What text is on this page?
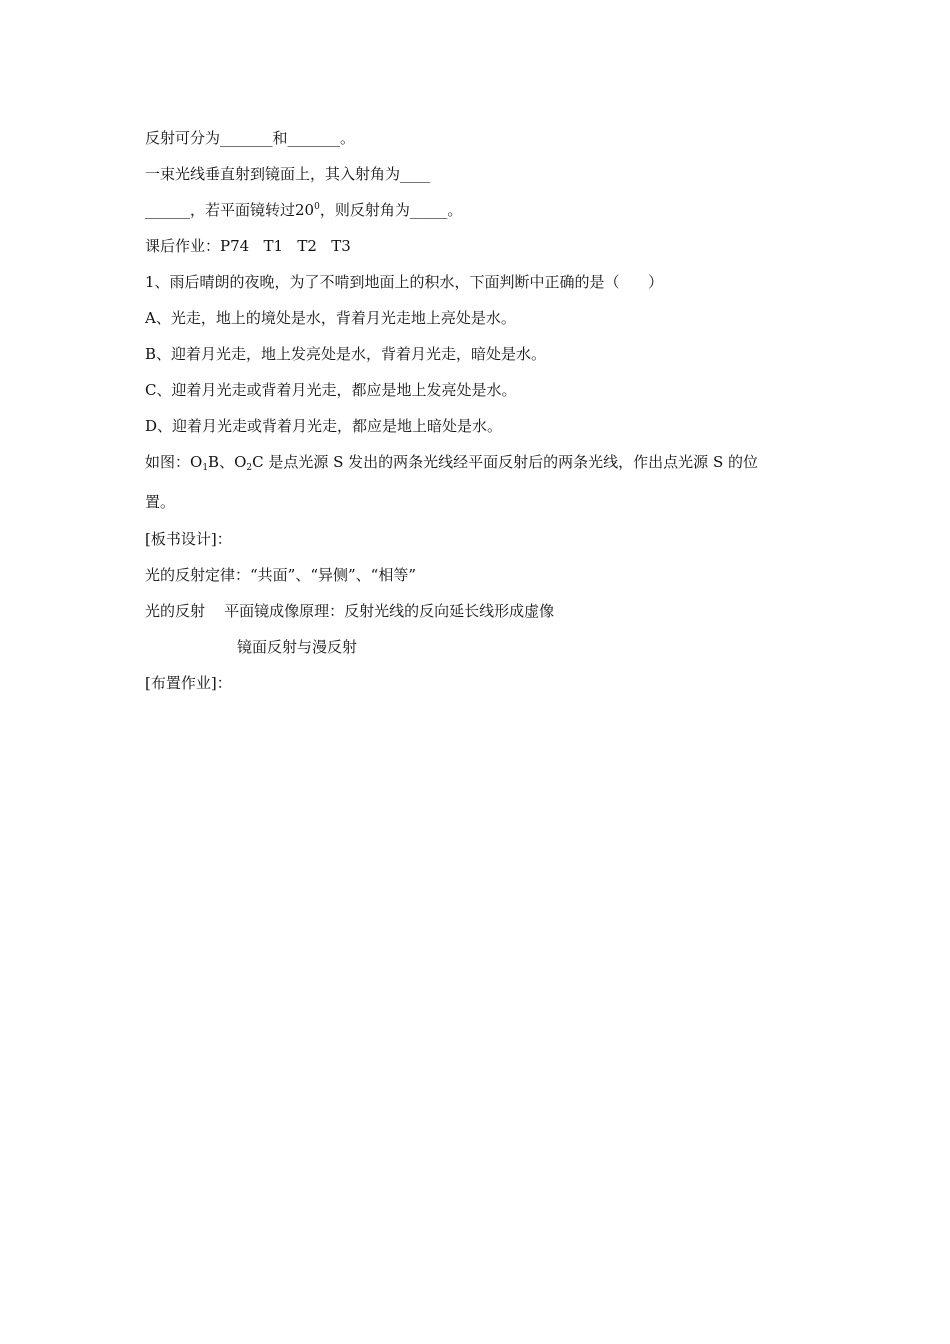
反射可分为_______和_______。
一束光线垂直射到镜面上，其入射角为____
______，若平面镜转过$20^0$，则反射角为_____。
课后作业：P74   T1   T2   T3
1、雨后晴朗的夜晚，为了不啃到地面上的积水，下面判断中正确的是（      ）
A、光走，地上的境处是水，背着月光走地上亮处是水。
B、迎着月光走，地上发亮处是水，背着月光走，暗处是水。
C、迎着月光走或背着月光走，都应是地上发亮处是水。
D、迎着月光走或背着月光走，都应是地上暗处是水。
如图：$O_1B$、$O_2C$ 是点光源 S 发出的两条光线经平面反射后的两条光线，作出点光源 S 的位
置。
[板书设计]：
光的反射定律：“共面”、“异侧”、“相等”
光的反射 平面镜成像原理：反射光线的反向延长线形成虚像
镜面反射与漫反射
[布置作业]：
